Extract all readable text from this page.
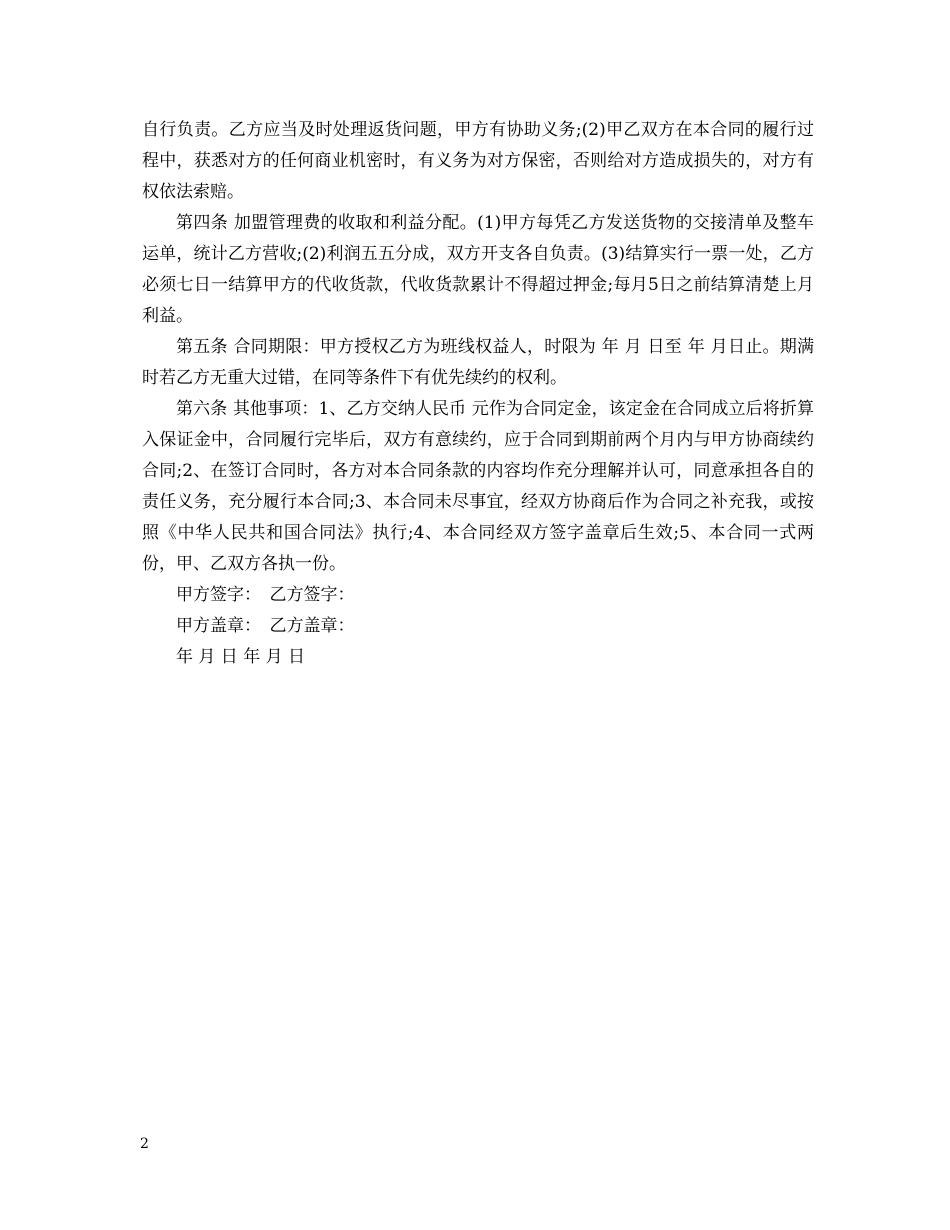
自行负责。乙方应当及时处理返货问题，甲方有协助义务;(2)甲乙双方在本合同的履行过程中，获悉对方的任何商业机密时，有义务为对方保密，否则给对方造成损失的，对方有权依法索赔。

第四条 加盟管理费的收取和利益分配。(1)甲方每凭乙方发送货物的交接清单及整车运单，统计乙方营收;(2)利润五五分成，双方开支各自负责。(3)结算实行一票一处，乙方必须七日一结算甲方的代收货款，代收货款累计不得超过押金;每月5日之前结算清楚上月利益。

第五条 合同期限：甲方授权乙方为班线权益人，时限为 年 月 日至 年 月日止。期满时若乙方无重大过错，在同等条件下有优先续约的权利。

第六条 其他事项：1、乙方交纳人民币 元作为合同定金，该定金在合同成立后将折算入保证金中，合同履行完毕后，双方有意续约，应于合同到期前两个月内与甲方协商续约合同;2、在签订合同时，各方对本合同条款的内容均作充分理解并认可，同意承担各自的责任义务，充分履行本合同;3、本合同未尽事宜，经双方协商后作为合同之补充我，或按照《中华人民共和国合同法》执行;4、本合同经双方签字盖章后生效;5、本合同一式两份，甲、乙双方各执一份。

甲方签字：　乙方签字：

甲方盖章：　乙方盖章：

年 月 日 年 月 日

2
